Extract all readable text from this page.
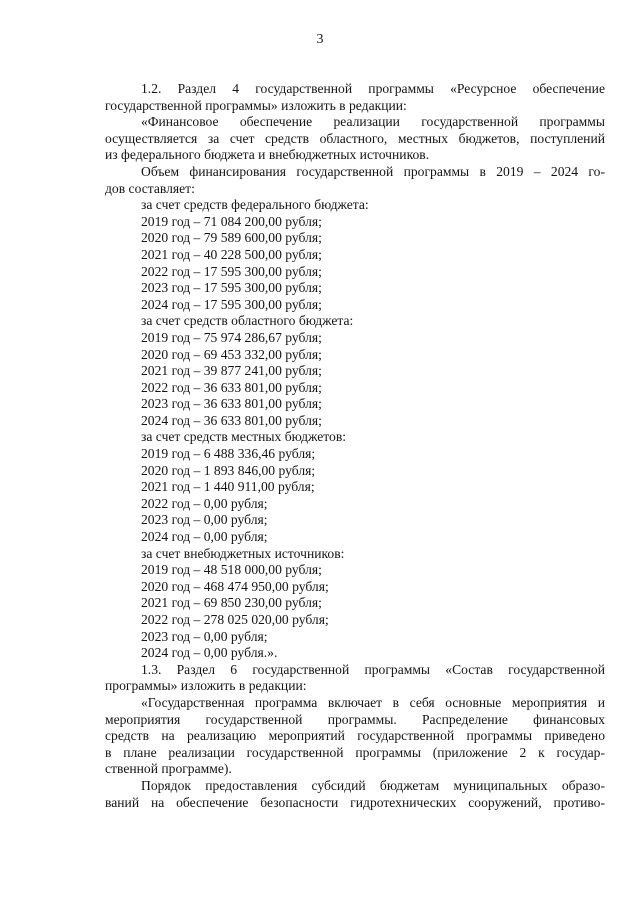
3

1.2. Раздел 4 государственной программы «Ресурсное обеспечение

государственной программы» изложить в редакции:

«Финансовое обеспечение реализации государственной программы

осуществляется за счет средств областного, местных бюджетов, поступлений

из федерального бюджета и внебюджетных источников.

Объем финансирования государственной программы в 2019 – 2024 го-

дов составляет:

за счет средств федерального бюджета:

2019 год – 71 084 200,00 рубля;

2020 год – 79 589 600,00 рубля;

2021 год – 40 228 500,00 рубля;

2022 год – 17 595 300,00 рубля;

2023 год – 17 595 300,00 рубля;

2024 год – 17 595 300,00 рубля;

за счет средств областного бюджета:

2019 год – 75 974 286,67 рубля;

2020 год – 69 453 332,00 рубля;

2021 год – 39 877 241,00 рубля;

2022 год – 36 633 801,00 рубля;

2023 год – 36 633 801,00 рубля;

2024 год – 36 633 801,00 рубля;

за счет средств местных бюджетов:

2019 год – 6 488 336,46 рубля;

2020 год – 1 893 846,00 рубля;

2021 год – 1 440 911,00 рубля;

2022 год – 0,00 рубля;

2023 год – 0,00 рубля;

2024 год – 0,00 рубля;

за счет внебюджетных источников:

2019 год – 48 518 000,00 рубля;

2020 год – 468 474 950,00 рубля;

2021 год – 69 850 230,00 рубля;

2022 год – 278 025 020,00 рубля;

2023 год – 0,00 рубля;

2024 год – 0,00 рубля.».

1.3. Раздел 6 государственной программы «Состав государственной

программы» изложить в редакции:

«Государственная программа включает в себя основные мероприятия и

мероприятия государственной программы. Распределение финансовых

средств на реализацию мероприятий государственной программы приведено

в плане реализации государственной программы (приложение 2 к государ-

ственной программе).

Порядок предоставления субсидий бюджетам муниципальных образо-

ваний на обеспечение безопасности гидротехнических сооружений, противо-
